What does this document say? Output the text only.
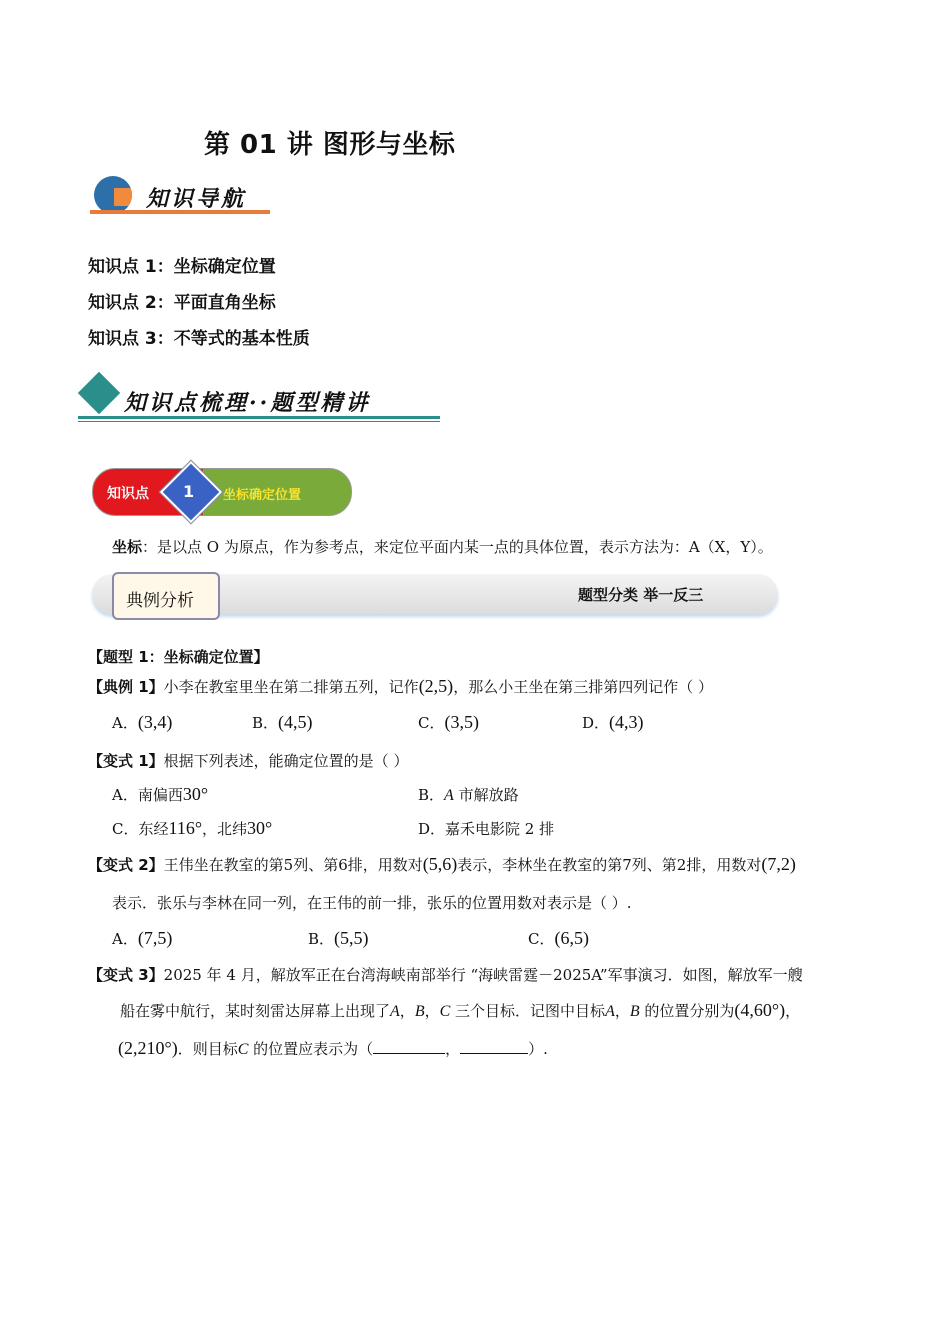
第 01 讲 图形与坐标
知识导航
知识点 1：坐标确定位置
知识点 2：平面直角坐标
知识点 3：不等式的基本性质
知识点梳理··题型精讲
坐标确定位置
知识点 1
坐标：是以点 O 为原点，作为参考点，来定位平面内某一点的具体位置，表示方法为：A（X，Y）。
典例分析	题型分类 举一反三
【题型 1：坐标确定位置】
【典例 1】小李在教室里坐在第二排第五列，记作(2,5)，那么小王坐在第三排第四列记作（ ）
A．(3,4)	B．(4,5)	C．(3,5)	D．(4,3)
【变式 1】根据下列表述，能确定位置的是（ ）
A．南偏西30°	B．A 市解放路
C．东经116°，北纬30°	D．嘉禾电影院 2 排
【变式 2】王伟坐在教室的第5列、第6排，用数对(5,6)表示，李林坐在教室的第7列、第2排，用数对(7,2)
表示．张乐与李林在同一列，在王伟的前一排，张乐的位置用数对表示是（ ）.
A．(7,5)	B．(5,5)	C．(6,5)
【变式 3】2025 年 4 月，解放军正在台湾海峡南部举行 “海峡雷霆－2025A”军事演习．如图，解放军一艘
船在雾中航行，某时刻雷达屏幕上出现了A，B，C 三个目标．记图中目标A，B 的位置分别为(4,60°)，
(2,210°)．则目标C 的位置应表示为（	，	）.
